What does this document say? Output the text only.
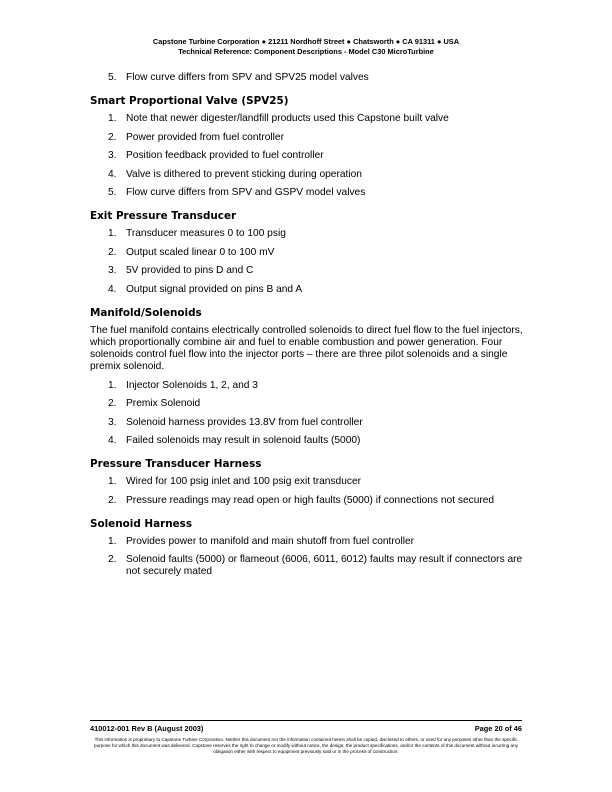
Capstone Turbine Corporation ● 21211 Nordhoff Street ● Chatsworth ● CA 91311 ● USA
Technical Reference: Component Descriptions - Model C30 MicroTurbine
5. Flow curve differs from SPV and SPV25 model valves
Smart Proportional Valve (SPV25)
1. Note that newer digester/landfill products used this Capstone built valve
2. Power provided from fuel controller
3. Position feedback provided to fuel controller
4. Valve is dithered to prevent sticking during operation
5. Flow curve differs from SPV and GSPV model valves
Exit Pressure Transducer
1. Transducer measures 0 to 100 psig
2. Output scaled linear 0 to 100 mV
3. 5V provided to pins D and C
4. Output signal provided on pins B and A
Manifold/Solenoids

The fuel manifold contains electrically controlled solenoids to direct fuel flow to the fuel injectors, which proportionally combine air and fuel to enable combustion and power generation. Four solenoids control fuel flow into the injector ports – there are three pilot solenoids and a single premix solenoid.

1. Injector Solenoids 1, 2, and 3
2. Premix Solenoid
3. Solenoid harness provides 13.8V from fuel controller
4. Failed solenoids may result in solenoid faults (5000)
Pressure Transducer Harness
1. Wired for 100 psig inlet and 100 psig exit transducer
2. Pressure readings may read open or high faults (5000) if connections not secured
Solenoid Harness
1. Provides power to manifold and main shutoff from fuel controller
2. Solenoid faults (5000) or flameout (6006, 6011, 6012) faults may result if connectors are not securely mated
410012-001 Rev B (August 2003)	Page 20 of 46
This information is proprietary to Capstone Turbine Corporation. Neither this document nor the information contained herein shall be copied, disclosed to others, or used for any purposes other than the specific purpose for which this document was delivered. Capstone reserves the right to change or modify without notice, the design, the product specifications, and/or the contents of this document without incurring any obligation either with respect to equipment previously sold or in the process of construction.
